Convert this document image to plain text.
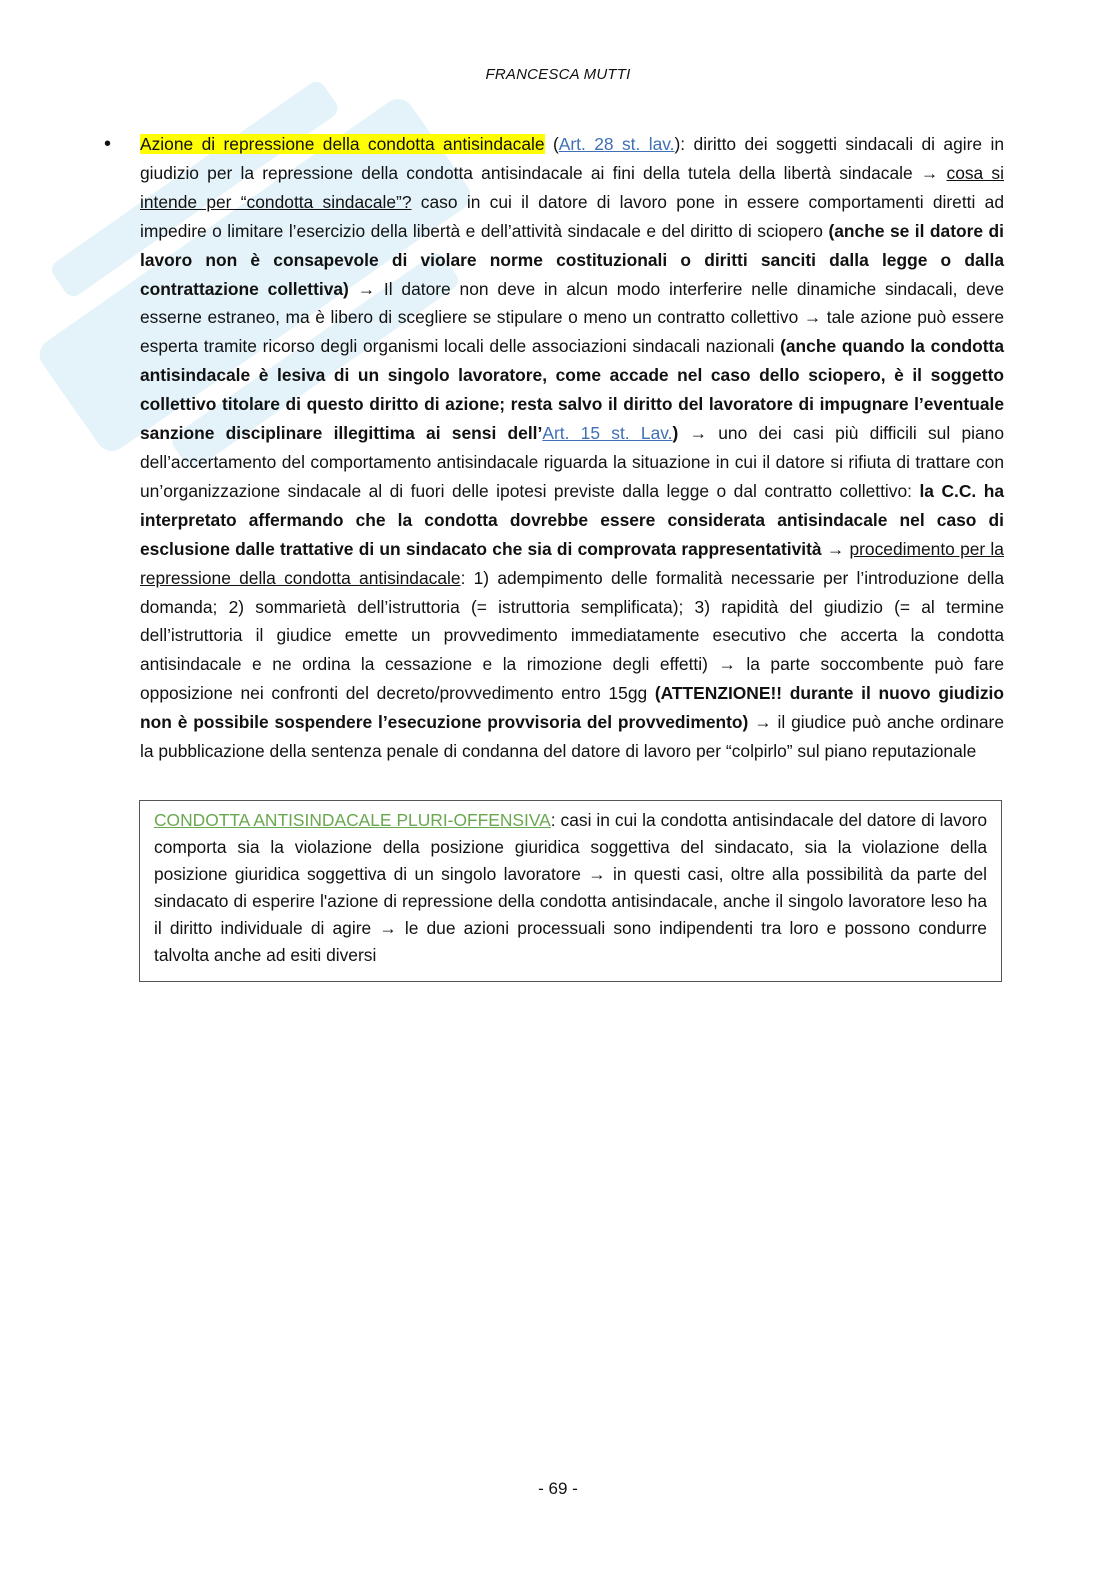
FRANCESCA MUTTI
• Azione di repressione della condotta antisindacale (Art. 28 st. lav.): diritto dei soggetti sindacali di agire in giudizio per la repressione della condotta antisindacale ai fini della tutela della libertà sindacale → cosa si intende per “condotta sindacale”? caso in cui il datore di lavoro pone in essere comportamenti diretti ad impedire o limitare l’esercizio della libertà e dell’attività sindacale e del diritto di sciopero (anche se il datore di lavoro non è consapevole di violare norme costituzionali o diritti sanciti dalla legge o dalla contrattazione collettiva) → Il datore non deve in alcun modo interferire nelle dinamiche sindacali, deve esserne estraneo, ma è libero di scegliere se stipulare o meno un contratto collettivo → tale azione può essere esperta tramite ricorso degli organismi locali delle associazioni sindacali nazionali (anche quando la condotta antisindacale è lesiva di un singolo lavoratore, come accade nel caso dello sciopero, è il soggetto collettivo titolare di questo diritto di azione; resta salvo il diritto del lavoratore di impugnare l’eventuale sanzione disciplinare illegittima ai sensi dell’Art. 15 st. Lav.) → uno dei casi più difficili sul piano dell’accertamento del comportamento antisindacale riguarda la situazione in cui il datore si rifiuta di trattare con un’organizzazione sindacale al di fuori delle ipotesi previste dalla legge o dal contratto collettivo: la C.C. ha interpretato affermando che la condotta dovrebbe essere considerata antisindacale nel caso di esclusione dalle trattative di un sindacato che sia di comprovata rappresentatività → procedimento per la repressione della condotta antisindacale: 1) adempimento delle formalità necessarie per l’introduzione della domanda; 2) sommarietà dell’istruttoria (= istruttoria semplificata); 3) rapidità del giudizio (= al termine dell’istruttoria il giudice emette un provvedimento immediatamente esecutivo che accerta la condotta antisindacale e ne ordina la cessazione e la rimozione degli effetti) → la parte soccombente può fare opposizione nei confronti del decreto/provvedimento entro 15gg (ATTENZIONE!! durante il nuovo giudizio non è possibile sospendere l’esecuzione provvisoria del provvedimento) → il giudice può anche ordinare la pubblicazione della sentenza penale di condanna del datore di lavoro per “colpirlo” sul piano reputazionale

CONDOTTA ANTISINDACALE PLURI-OFFENSIVA: casi in cui la condotta antisindacale del datore di lavoro comporta sia la violazione della posizione giuridica soggettiva del sindacato, sia la violazione della posizione giuridica soggettiva di un singolo lavoratore → in questi casi, oltre alla possibilità da parte del sindacato di esperire l'azione di repressione della condotta antisindacale, anche il singolo lavoratore leso ha il diritto individuale di agire → le due azioni processuali sono indipendenti tra loro e possono condurre talvolta anche ad esiti diversi

- 69 -
